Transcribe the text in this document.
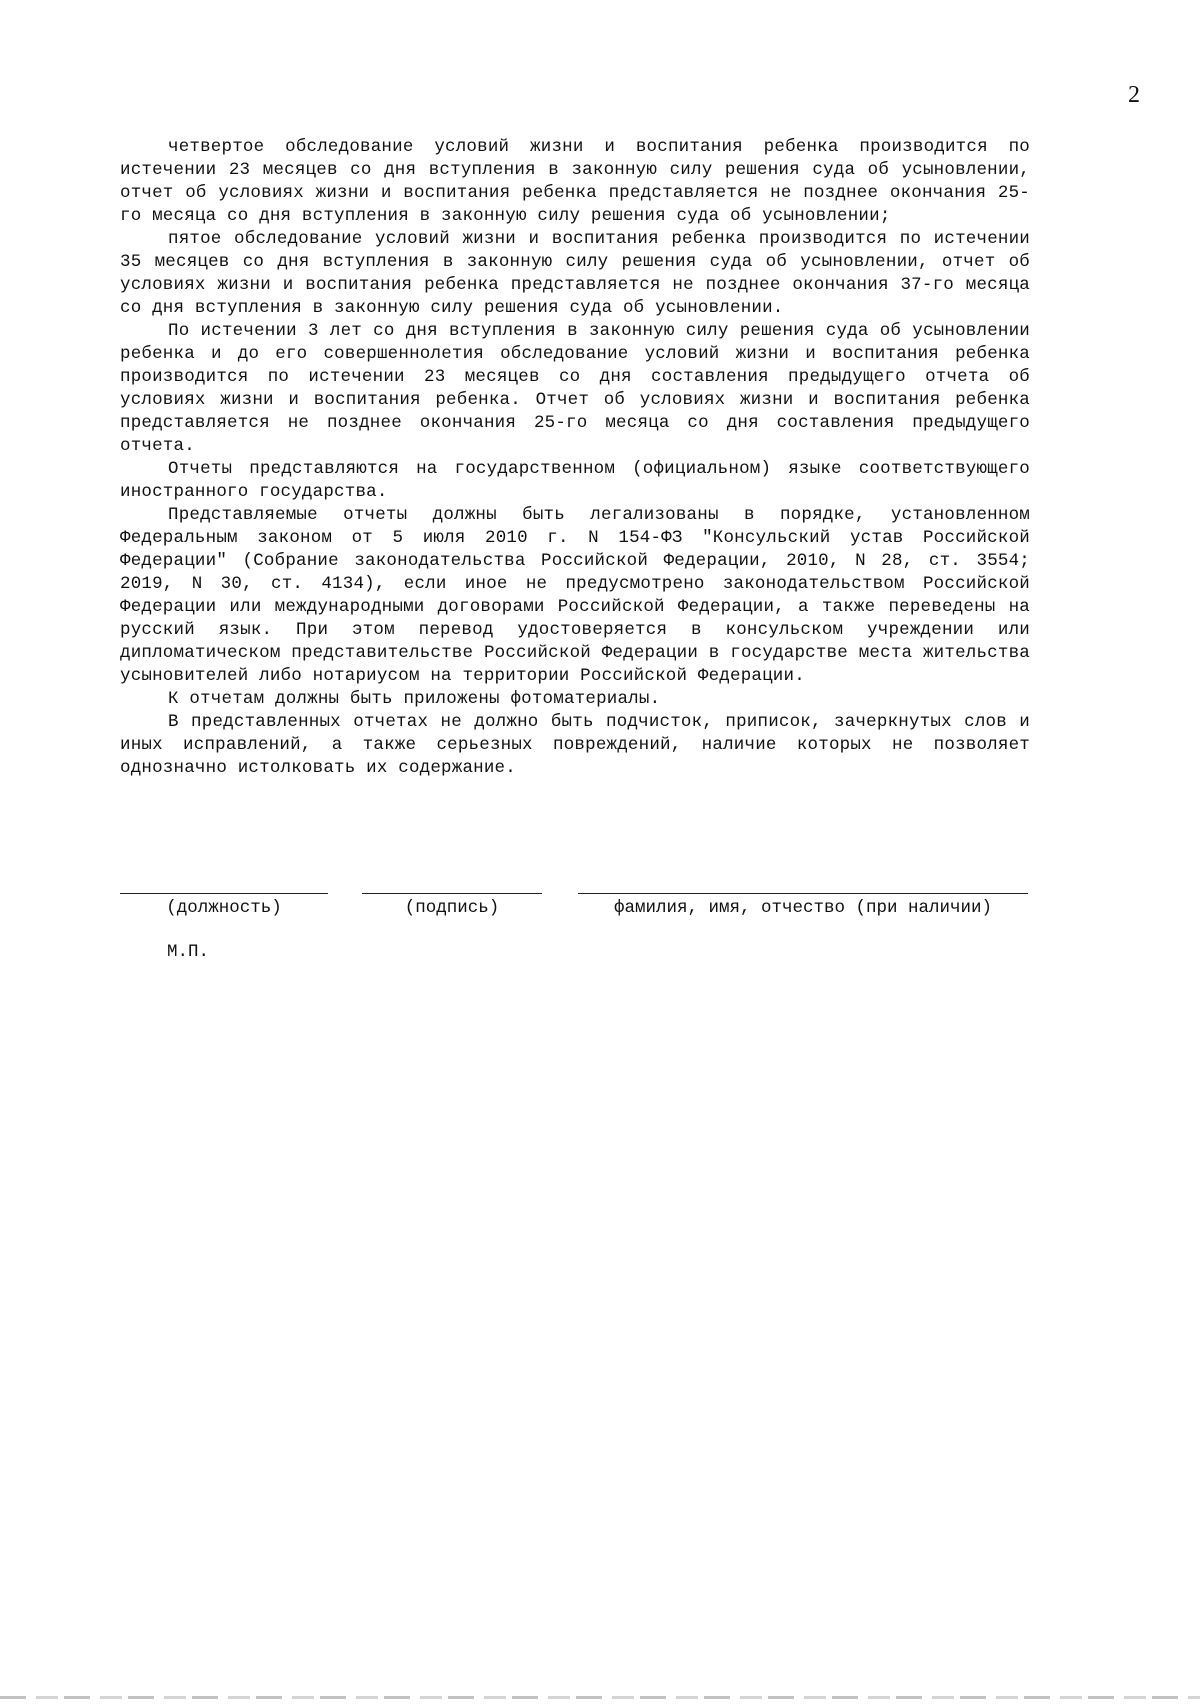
2

четвертое обследование условий жизни и воспитания ребенка производится по истечении 23 месяцев со дня вступления в законную силу решения суда об усыновлении, отчет об условиях жизни и воспитания ребенка представляется не позднее окончания 25-го месяца со дня вступления в законную силу решения суда об усыновлении;

пятое обследование условий жизни и воспитания ребенка производится по истечении 35 месяцев со дня вступления в законную силу решения суда об усыновлении, отчет об условиях жизни и воспитания ребенка представляется не позднее окончания 37-го месяца со дня вступления в законную силу решения суда об усыновлении.

По истечении 3 лет со дня вступления в законную силу решения суда об усыновлении ребенка и до его совершеннолетия обследование условий жизни и воспитания ребенка производится по истечении 23 месяцев со дня составления предыдущего отчета об условиях жизни и воспитания ребенка. Отчет об условиях жизни и воспитания ребенка представляется не позднее окончания 25-го месяца со дня составления предыдущего отчета.

Отчеты представляются на государственном (официальном) языке соответствующего иностранного государства.

Представляемые отчеты должны быть легализованы в порядке, установленном Федеральным законом от 5 июля 2010 г. N 154-ФЗ "Консульский устав Российской Федерации" (Собрание законодательства Российской Федерации, 2010, N 28, ст. 3554; 2019, N 30, ст. 4134), если иное не предусмотрено законодательством Российской Федерации или международными договорами Российской Федерации, а также переведены на русский язык. При этом перевод удостоверяется в консульском учреждении или дипломатическом представительстве Российской Федерации в государстве места жительства усыновителей либо нотариусом на территории Российской Федерации.

К отчетам должны быть приложены фотоматериалы.

В представленных отчетах не должно быть подчисток, приписок, зачеркнутых слов и иных исправлений, а также серьезных повреждений, наличие которых не позволяет однозначно истолковать их содержание.

(должность)	(подпись)	фамилия, имя, отчество (при наличии)
М.П.
